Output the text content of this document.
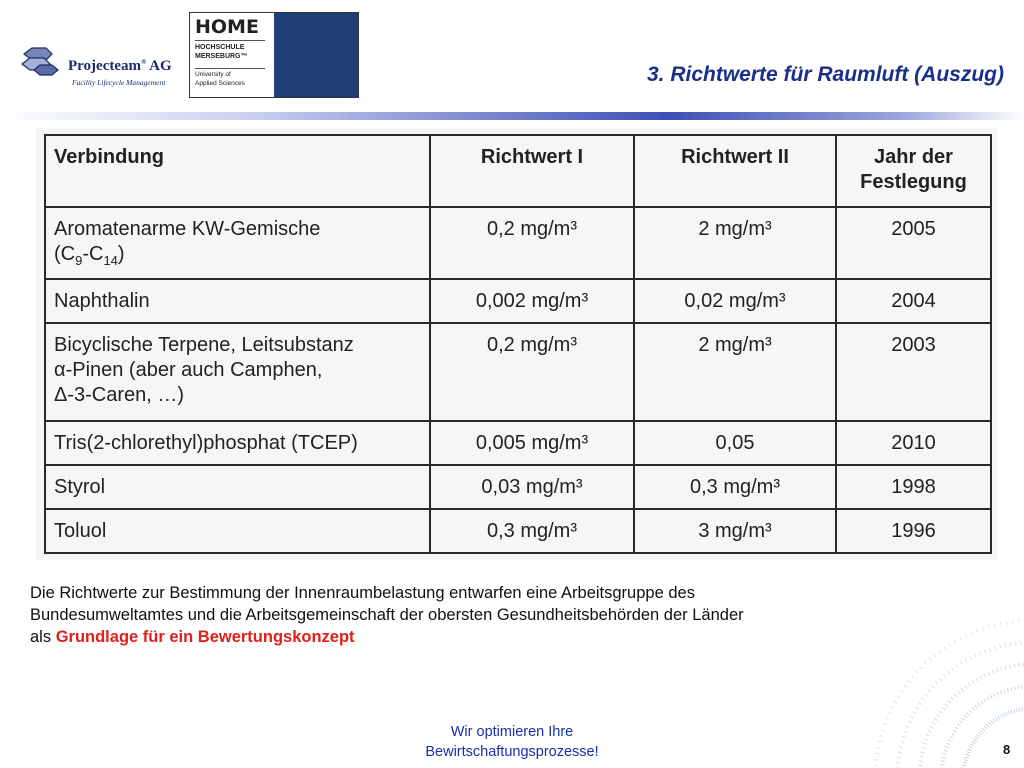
Projecteam® AG
Facility Lifecycle Management
HOME
HOCHSCHULE
MERSEBURG™
University of
Applied Sciences	3. Richtwerte für Raumluft (Auszug)
Verbindung	Richtwert I	Richtwert II	Jahr der
Festlegung

Aromatenarme KW-Gemische
$(C_9-C_{14})$	0,2 mg/m³	2 mg/m³	2005
Naphthalin	0,002 mg/m³	0,02 mg/m³	2004

Bicyclische Terpene, Leitsubstanz
α-Pinen (aber auch Camphen,
Δ-3-Caren, …)	0,2 mg/m³	2 mg/m³	2003
Tris(2-chlorethyl)phosphat (TCEP)	0,005 mg/m³	0,05	2010
Styrol	0,03 mg/m³	0,3 mg/m³	1998
Toluol	0,3 mg/m³	3 mg/m³	1996
Die Richtwerte zur Bestimmung der Innenraumbelastung entwarfen eine Arbeitsgruppe des
Bundesumweltamtes und die Arbeitsgemeinschaft der obersten Gesundheitsbehörden der Länder
als Grundlage für ein Bewertungskonzept
Wir optimieren Ihre
Bewirtschaftungsprozesse!	8
